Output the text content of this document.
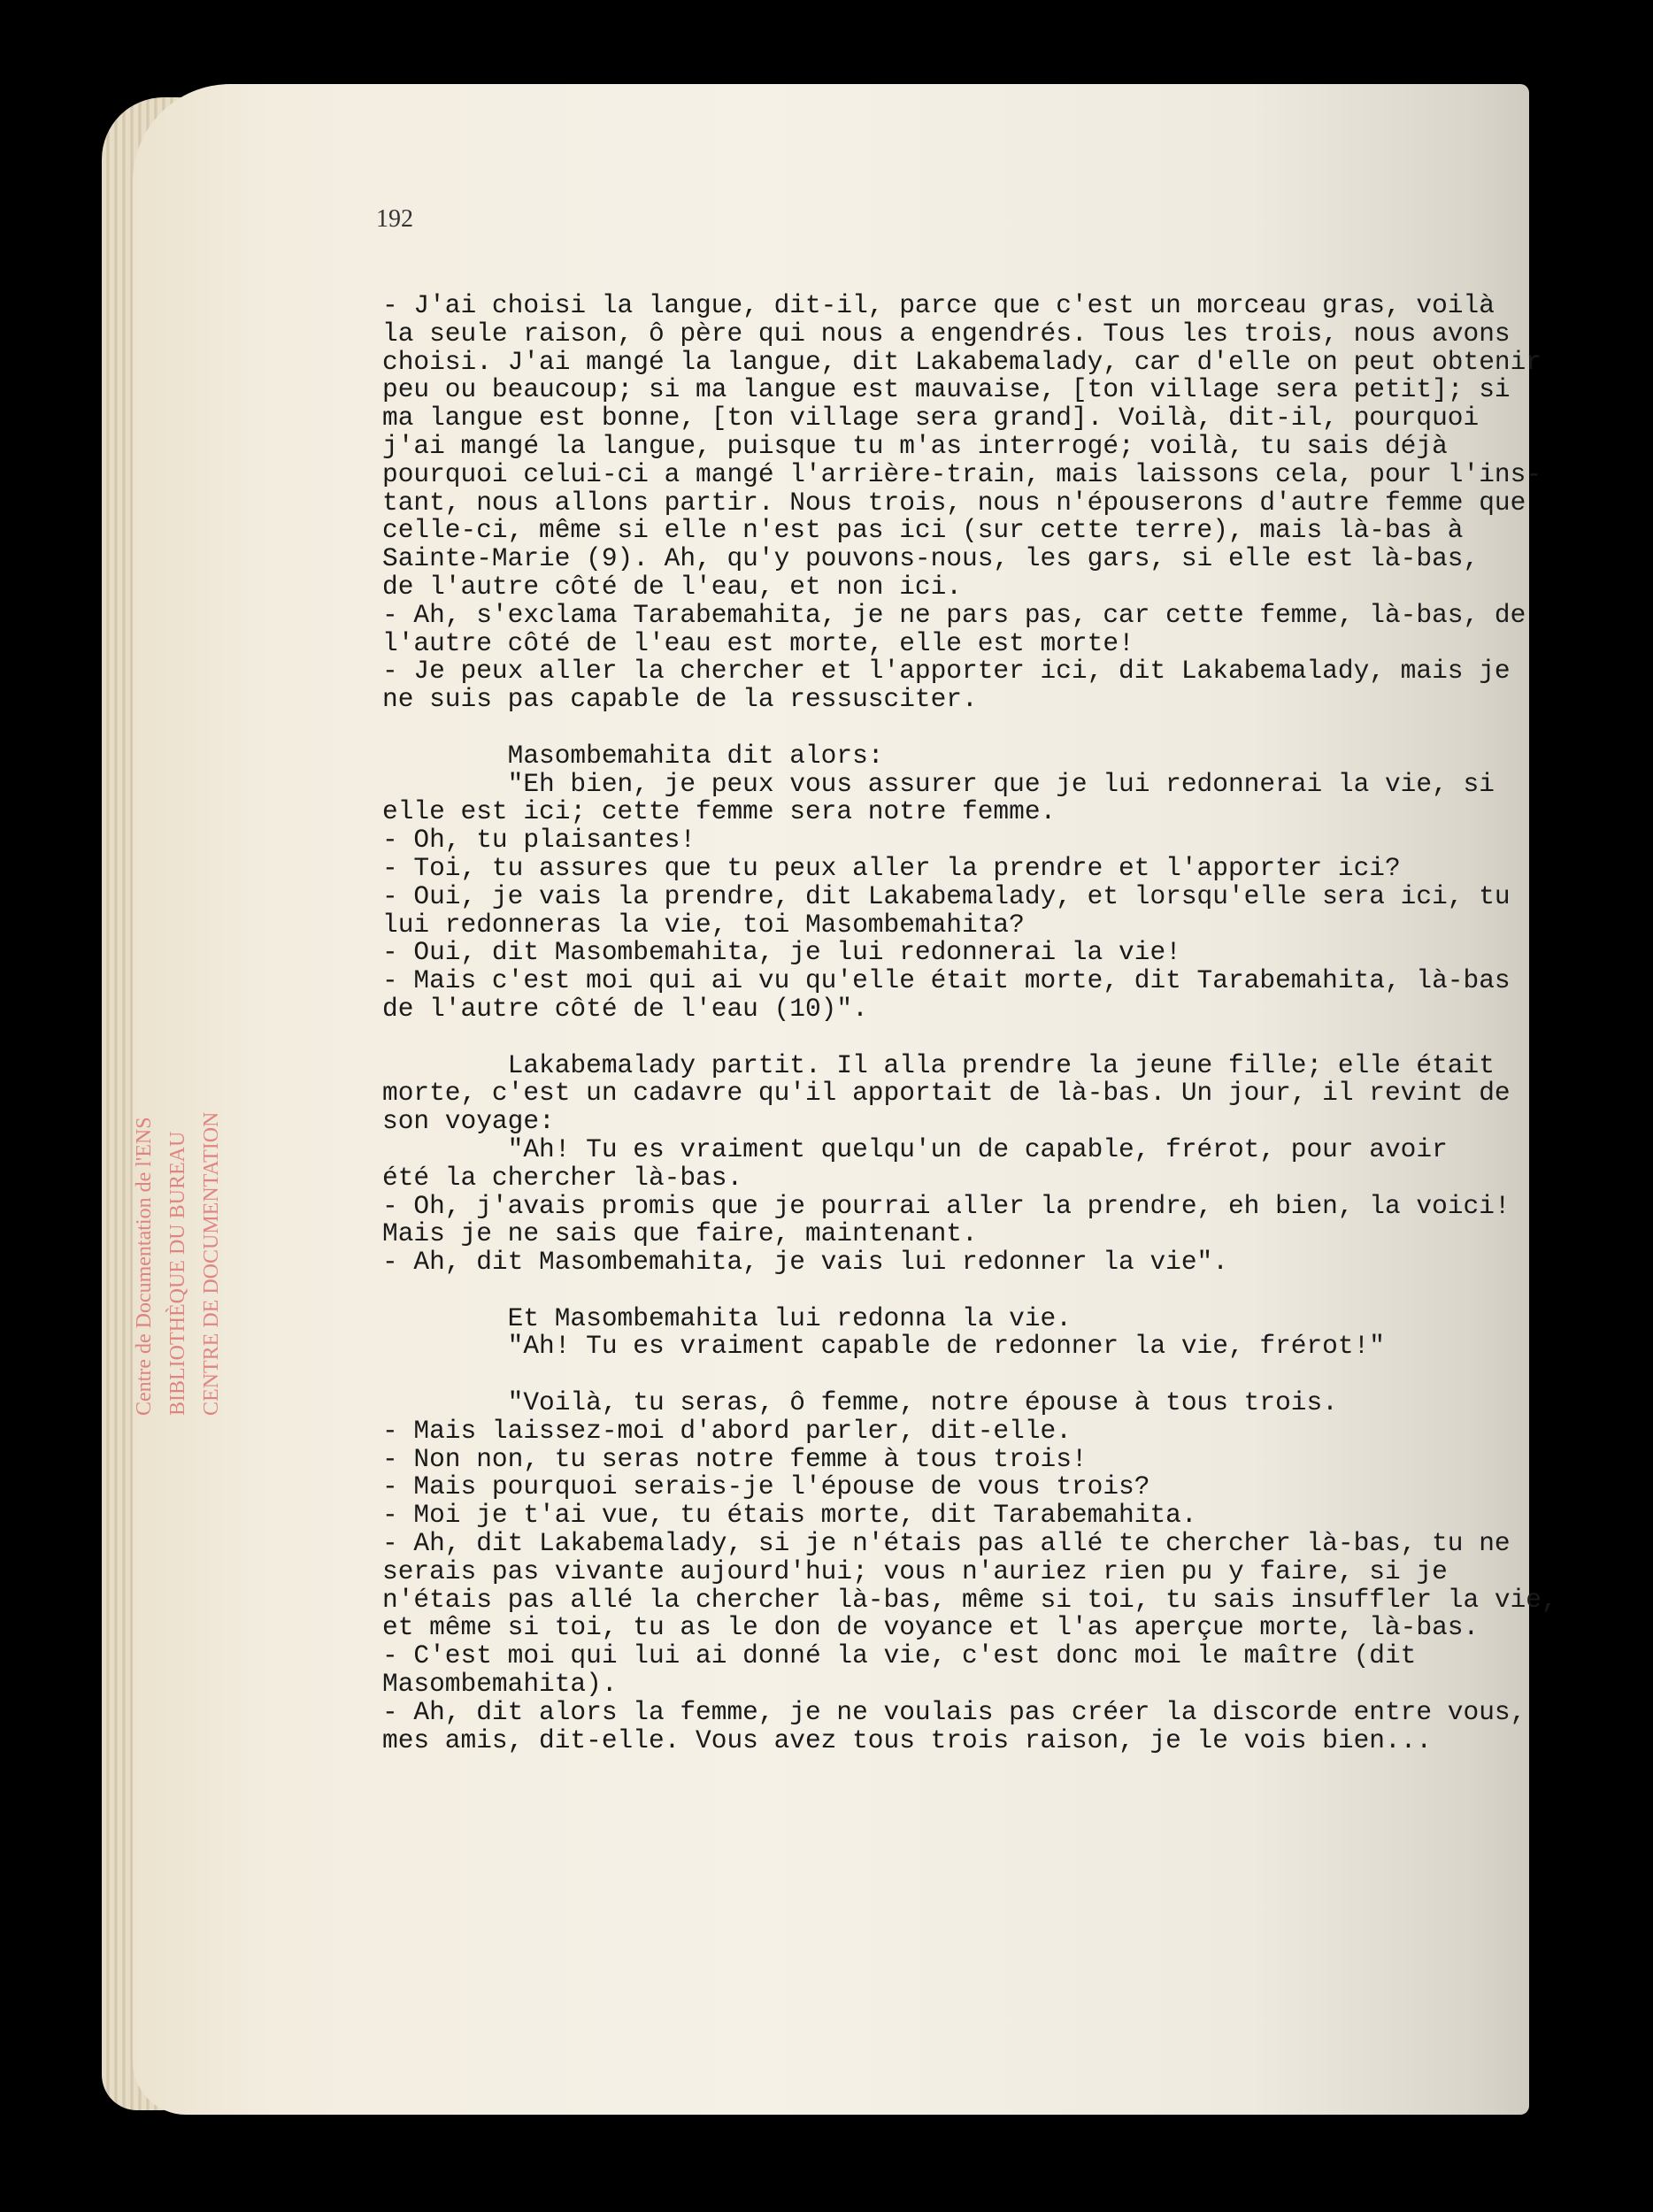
192

Centre de Documentation de l'ENS BIBLIOTHÈQUE DU BUREAU CENTRE DE DOCUMENTATION
- J'ai choisi la langue, dit-il, parce que c'est un morceau gras, voilà
la seule raison, ô père qui nous a engendrés. Tous les trois, nous avons
choisi. J'ai mangé la langue, dit Lakabemalady, car d'elle on peut obtenir
peu ou beaucoup; si ma langue est mauvaise, [ton village sera petit]; si
ma langue est bonne, [ton village sera grand]. Voilà, dit-il, pourquoi
j'ai mangé la langue, puisque tu m'as interrogé; voilà, tu sais déjà
pourquoi celui-ci a mangé l'arrière-train, mais laissons cela, pour l'ins-
tant, nous allons partir. Nous trois, nous n'épouserons d'autre femme que
celle-ci, même si elle n'est pas ici (sur cette terre), mais là-bas à
Sainte-Marie (9). Ah, qu'y pouvons-nous, les gars, si elle est là-bas,
de l'autre côté de l'eau, et non ici.
- Ah, s'exclama Tarabemahita, je ne pars pas, car cette femme, là-bas, de
l'autre côté de l'eau est morte, elle est morte!
- Je peux aller la chercher et l'apporter ici, dit Lakabemalady, mais je
ne suis pas capable de la ressusciter.
Masombemahita dit alors:
"Eh bien, je peux vous assurer que je lui redonnerai la vie, si
elle est ici; cette femme sera notre femme.
- Oh, tu plaisantes!
- Toi, tu assures que tu peux aller la prendre et l'apporter ici?
- Oui, je vais la prendre, dit Lakabemalady, et lorsqu'elle sera ici, tu
lui redonneras la vie, toi Masombemahita?
- Oui, dit Masombemahita, je lui redonnerai la vie!
- Mais c'est moi qui ai vu qu'elle était morte, dit Tarabemahita, là-bas
de l'autre côté de l'eau (10)".
Lakabemalady partit. Il alla prendre la jeune fille; elle était
morte, c'est un cadavre qu'il apportait de là-bas. Un jour, il revint de
son voyage:
"Ah! Tu es vraiment quelqu'un de capable, frérot, pour avoir
été la chercher là-bas.
- Oh, j'avais promis que je pourrai aller la prendre, eh bien, la voici!
Mais je ne sais que faire, maintenant.
- Ah, dit Masombemahita, je vais lui redonner la vie".
Et Masombemahita lui redonna la vie.
"Ah! Tu es vraiment capable de redonner la vie, frérot!"
"Voilà, tu seras, ô femme, notre épouse à tous trois.
- Mais laissez-moi d'abord parler, dit-elle.
- Non non, tu seras notre femme à tous trois!
- Mais pourquoi serais-je l'épouse de vous trois?
- Moi je t'ai vue, tu étais morte, dit Tarabemahita.
- Ah, dit Lakabemalady, si je n'étais pas allé te chercher là-bas, tu ne
serais pas vivante aujourd'hui; vous n'auriez rien pu y faire, si je
n'étais pas allé la chercher là-bas, même si toi, tu sais insuffler la vie,
et même si toi, tu as le don de voyance et l'as aperçue morte, là-bas.
- C'est moi qui lui ai donné la vie, c'est donc moi le maître (dit
Masombemahita).
- Ah, dit alors la femme, je ne voulais pas créer la discorde entre vous,
mes amis, dit-elle. Vous avez tous trois raison, je le vois bien...
